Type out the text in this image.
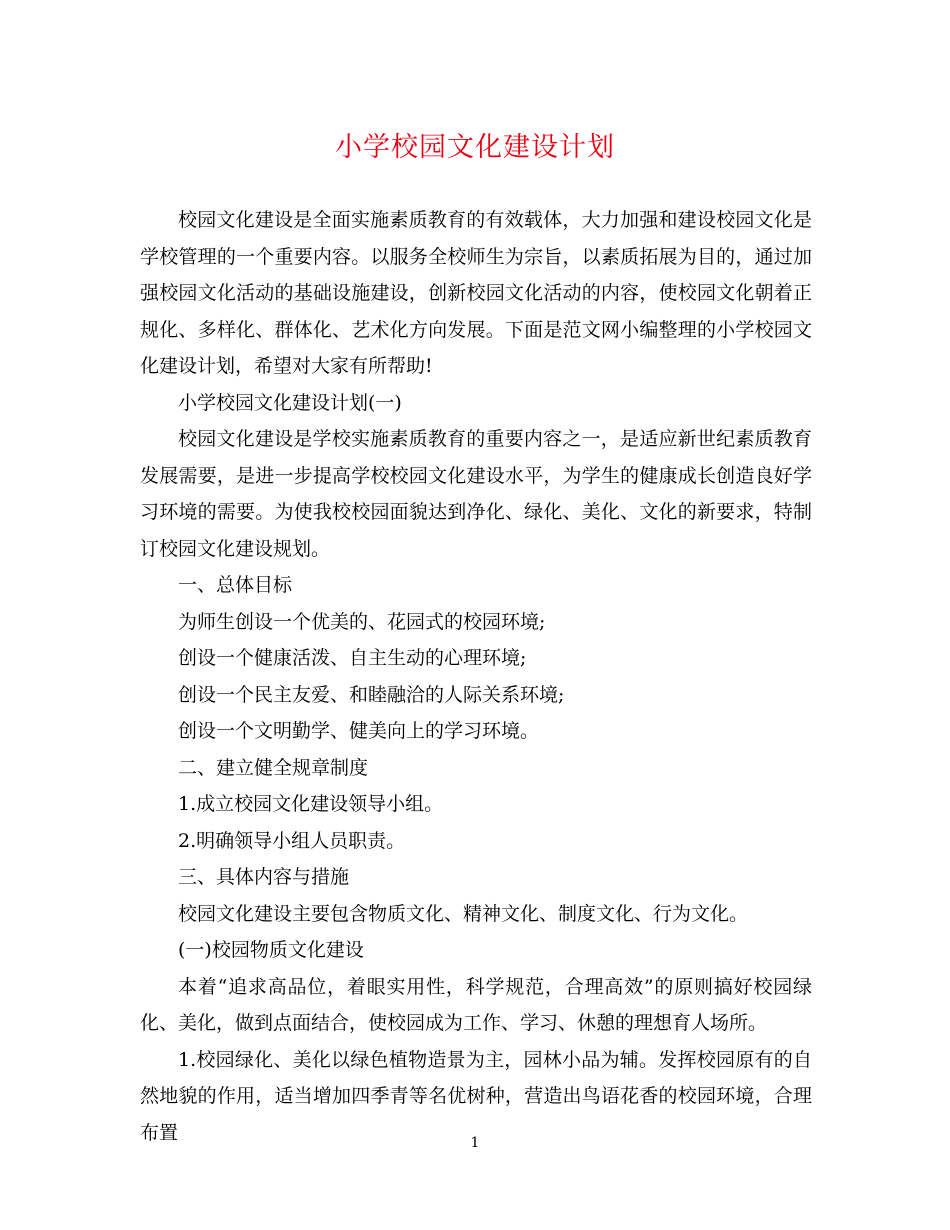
小学校园文化建设计划

校园文化建设是全面实施素质教育的有效载体，大力加强和建设校园文化是学校管理的一个重要内容。以服务全校师生为宗旨，以素质拓展为目的，通过加强校园文化活动的基础设施建设，创新校园文化活动的内容，使校园文化朝着正规化、多样化、群体化、艺术化方向发展。下面是范文网小编整理的小学校园文化建设计划，希望对大家有所帮助!

小学校园文化建设计划(一)

校园文化建设是学校实施素质教育的重要内容之一，是适应新世纪素质教育发展需要，是进一步提高学校校园文化建设水平，为学生的健康成长创造良好学习环境的需要。为使我校校园面貌达到净化、绿化、美化、文化的新要求，特制订校园文化建设规划。

一、总体目标

为师生创设一个优美的、花园式的校园环境;

创设一个健康活泼、自主生动的心理环境;

创设一个民主友爱、和睦融洽的人际关系环境;

创设一个文明勤学、健美向上的学习环境。

二、建立健全规章制度

1.成立校园文化建设领导小组。

2.明确领导小组人员职责。

三、具体内容与措施

校园文化建设主要包含物质文化、精神文化、制度文化、行为文化。

(一)校园物质文化建设

本着“追求高品位，着眼实用性，科学规范，合理高效”的原则搞好校园绿化、美化，做到点面结合，使校园成为工作、学习、休憩的理想育人场所。

1.校园绿化、美化以绿色植物造景为主，园林小品为辅。发挥校园原有的自然地貌的作用，适当增加四季青等名优树种，营造出鸟语花香的校园环境，合理布置	1
